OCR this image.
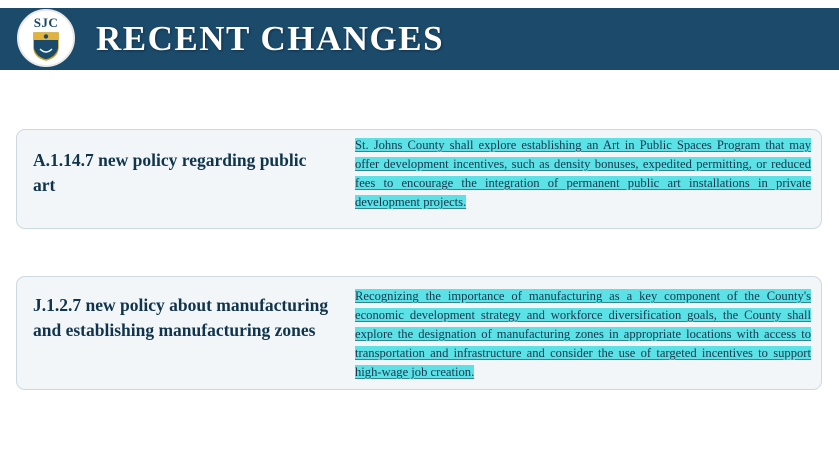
RECENT CHANGES
SJC
A.1.14.7 new policy regarding public art
St. Johns County shall explore establishing an Art in Public Spaces Program that may offer development incentives, such as density bonuses, expedited permitting, or reduced fees to encourage the integration of permanent public art installations in private development projects.
J.1.2.7 new policy about manufacturing and establishing manufacturing zones
Recognizing the importance of manufacturing as a key component of the County's economic development strategy and workforce diversification goals, the County shall explore the designation of manufacturing zones in appropriate locations with access to transportation and infrastructure and consider the use of targeted incentives to support high-wage job creation.
